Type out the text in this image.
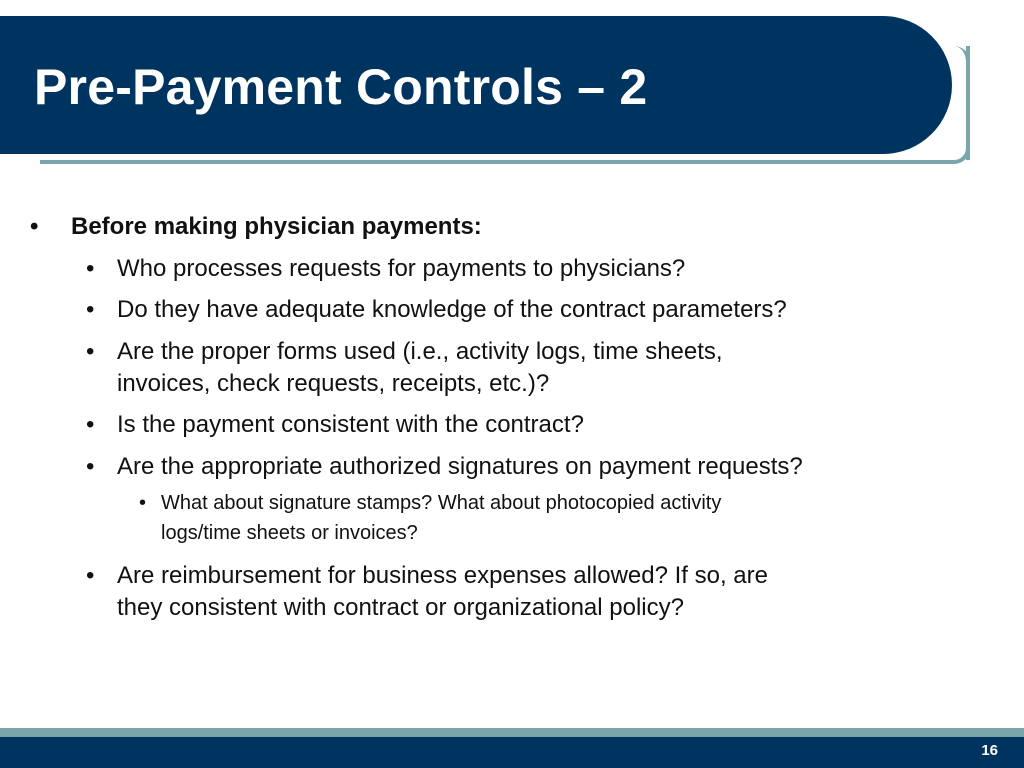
Pre-Payment Controls – 2
• Before making physician payments:
• Who processes requests for payments to physicians?
• Do they have adequate knowledge of the contract parameters?
• Are the proper forms used (i.e., activity logs, time sheets,
invoices, check requests, receipts, etc.)?
• Is the payment consistent with the contract?
• Are the appropriate authorized signatures on payment requests?
• What about signature stamps? What about photocopied activity
logs/time sheets or invoices?
• Are reimbursement for business expenses allowed? If so, are
they consistent with contract or organizational policy?
16
